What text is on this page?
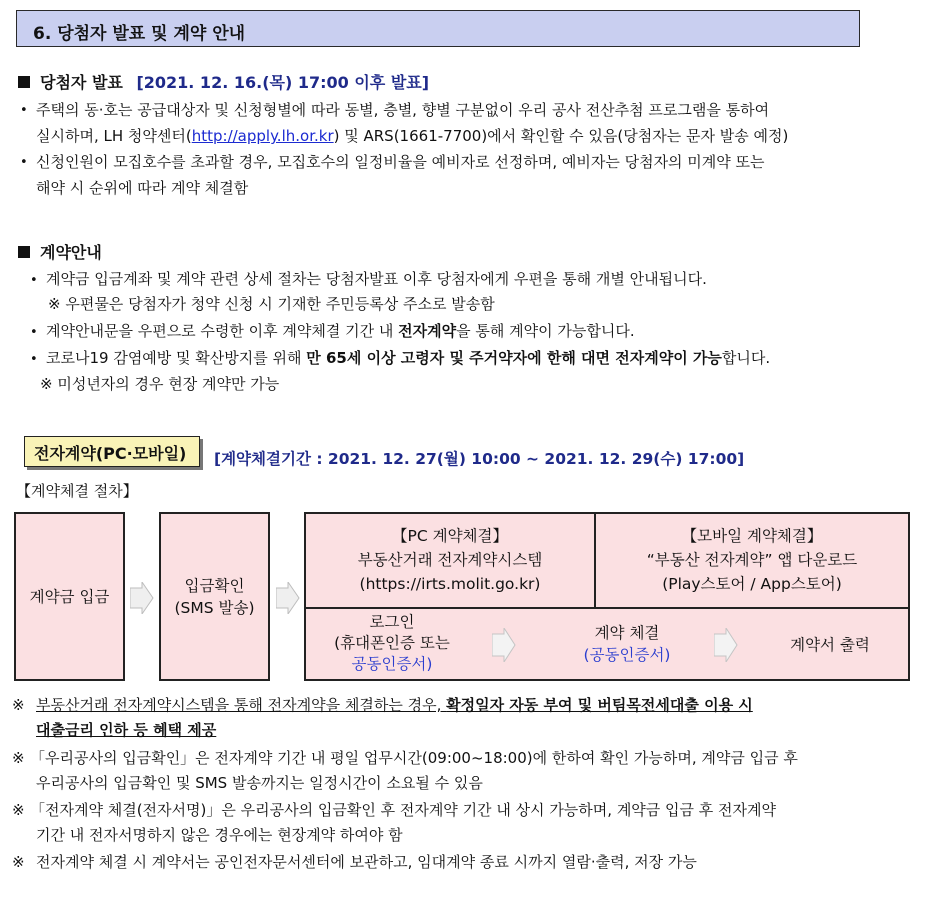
6. 당첨자 발표 및 계약 안내
당첨자 발표 [2021. 12. 16.(목) 17:00 이후 발표]
• 주택의 동·호는 공급대상자 및 신청형별에 따라 동별, 층별, 향별 구분없이 우리 공사 전산추첨 프로그램을 통하여
실시하며, LH 청약센터(http://apply.lh.or.kr) 및 ARS(1661-7700)에서 확인할 수 있음(당첨자는 문자 발송 예정)
• 신청인원이 모집호수를 초과할 경우, 모집호수의 일정비율을 예비자로 선정하며, 예비자는 당첨자의 미계약 또는
해약 시 순위에 따라 계약 체결함
계약안내
• 계약금 입금계좌 및 계약 관련 상세 절차는 당첨자발표 이후 당첨자에게 우편을 통해 개별 안내됩니다.
※ 우편물은 당첨자가 청약 신청 시 기재한 주민등록상 주소로 발송함
• 계약안내문을 우편으로 수령한 이후 계약체결 기간 내 전자계약을 통해 계약이 가능합니다.
• 코로나19 감염예방 및 확산방지를 위해 만 65세 이상 고령자 및 주거약자에 한해 대면 전자계약이 가능합니다.
※ 미성년자의 경우 현장 계약만 가능
전자계약(PC·모바일) [계약체결기간 : 2021. 12. 27(월) 10:00 ~ 2021. 12. 29(수) 17:00]
【계약체결 절차】
계약금 입금
입금확인
(SMS 발송)
【PC 계약체결】
부동산거래 전자계약시스템
(https://irts.molit.go.kr)
【모바일 계약체결】
“부동산 전자계약” 앱 다운로드
(Play스토어 / App스토어)
로그인
(휴대폰인증 또는
공동인증서)
계약 체결
(공동인증서)
계약서 출력
※ 부동산거래 전자계약시스템을 통해 전자계약을 체결하는 경우, 확정일자 자동 부여 및 버팀목전세대출 이용 시
대출금리 인하 등 혜택 제공
※ 「우리공사의 입금확인」은 전자계약 기간 내 평일 업무시간(09:00~18:00)에 한하여 확인 가능하며, 계약금 입금 후
우리공사의 입금확인 및 SMS 발송까지는 일정시간이 소요될 수 있음
※ 「전자계약 체결(전자서명)」은 우리공사의 입금확인 후 전자계약 기간 내 상시 가능하며, 계약금 입금 후 전자계약
기간 내 전자서명하지 않은 경우에는 현장계약 하여야 함
※ 전자계약 체결 시 계약서는 공인전자문서센터에 보관하고, 임대계약 종료 시까지 열람·출력, 저장 가능
